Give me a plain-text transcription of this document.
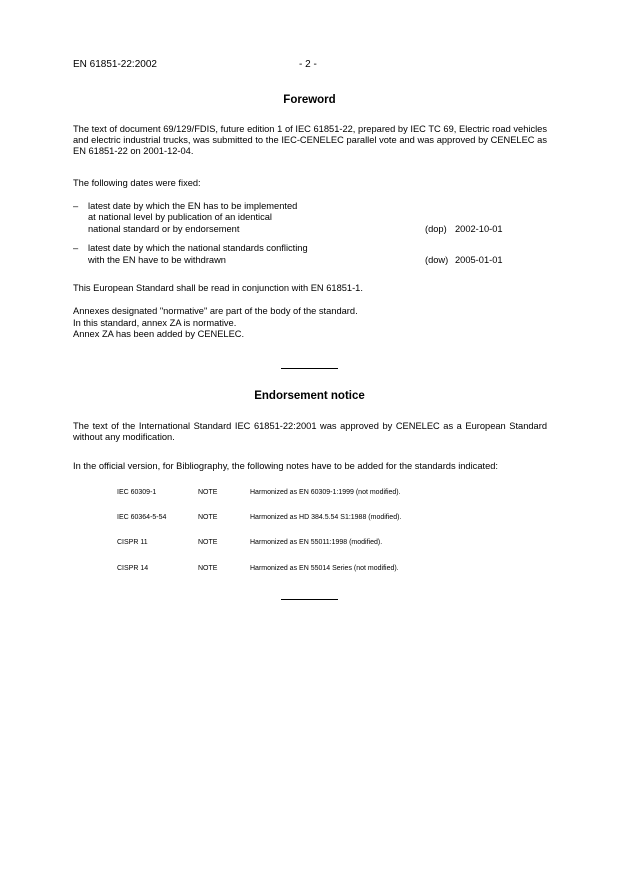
EN 61851-22:2002	- 2 -
Foreword
The text of document 69/129/FDIS, future edition 1 of IEC 61851-22, prepared by IEC TC 69, Electric road vehicles and electric industrial trucks, was submitted to the IEC-CENELEC parallel vote and was approved by CENELEC as EN 61851-22 on 2001-12-04.
The following dates were fixed:
– latest date by which the EN has to be implemented
at national level by publication of an identical
national standard or by endorsement	(dop) 2002-10-01
– latest date by which the national standards conflicting
with the EN have to be withdrawn	(dow) 2005-01-01
This European Standard shall be read in conjunction with EN 61851-1.
Annexes designated "normative" are part of the body of the standard.
In this standard, annex ZA is normative.
Annex ZA has been added by CENELEC.
Endorsement notice
The text of the International Standard IEC 61851-22:2001 was approved by CENELEC as a European Standard without any modification.
In the official version, for Bibliography, the following notes have to be added for the standards indicated:
IEC 60309-1	NOTE	Harmonized as EN 60309-1:1999 (not modified).
IEC 60364-5-54	NOTE	Harmonized as HD 384.5.54 S1:1988 (modified).
CISPR 11	NOTE	Harmonized as EN 55011:1998 (modified).
CISPR 14	NOTE	Harmonized as EN 55014 Series (not modified).
